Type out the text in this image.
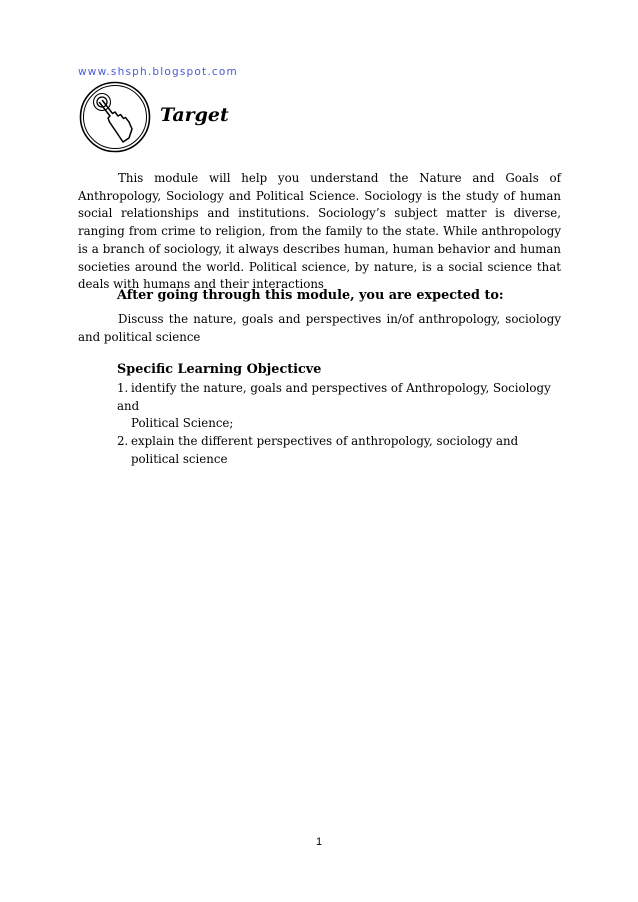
www.shsph.blogspot.com
Target

This module will help you understand the Nature and Goals of Anthropology, Sociology and Political Science. Sociology is the study of human social relationships and institutions. Sociology’s subject matter is diverse, ranging from crime to religion, from the family to the state. While anthropology is a branch of sociology, it always describes human, human behavior and human societies around the world. Political science, by nature, is a social science that deals with humans and their interactions

After going through this module, you are expected to:

Discuss the nature, goals and perspectives in/of anthropology, sociology and political science

Specific Learning Objecticve

1. identify the nature, goals and perspectives of Anthropology, Sociology and
Political Science;
2. explain the different perspectives of anthropology, sociology and
political science
1
